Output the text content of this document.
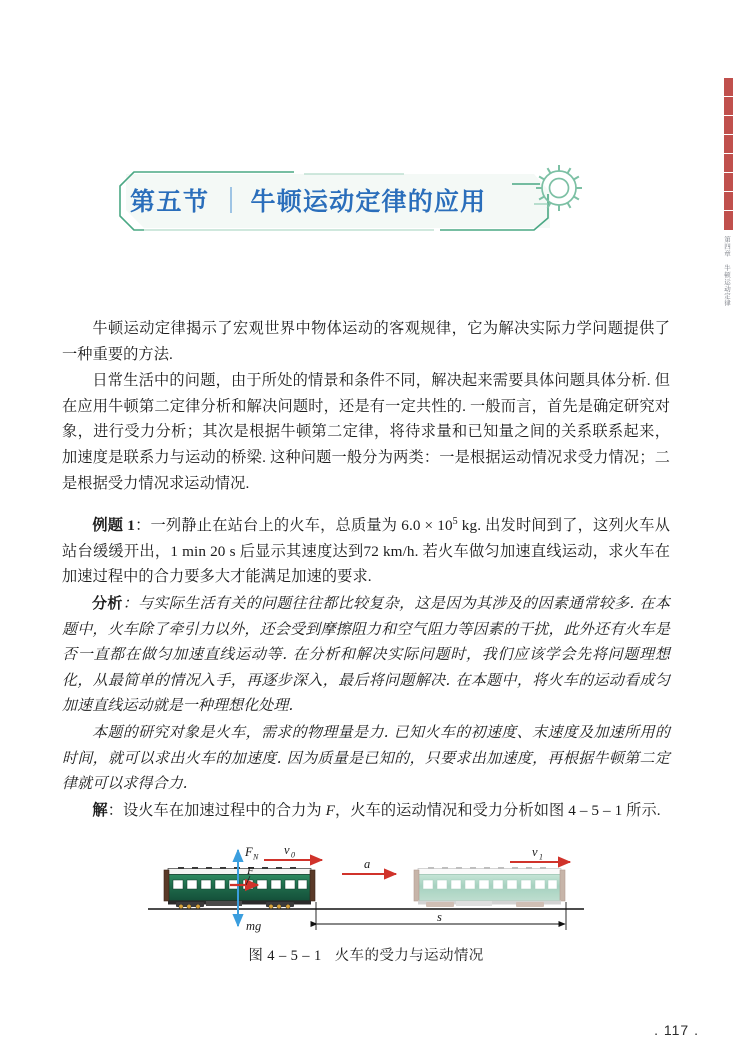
第四章 牛顿运动定律
第五节 牛顿运动定律的应用

牛顿运动定律揭示了宏观世界中物体运动的客观规律，它为解决实际力学问题提供了一种重要的方法.

日常生活中的问题，由于所处的情景和条件不同，解决起来需要具体问题具体分析. 但在应用牛顿第二定律分析和解决问题时，还是有一定共性的. 一般而言，首先是确定研究对象，进行受力分析；其次是根据牛顿第二定律，将待求量和已知量之间的关系联系起来，加速度是联系力与运动的桥梁. 这种问题一般分为两类：一是根据运动情况求受力情况；二是根据受力情况求运动情况.

例题 1：一列静止在站台上的火车，总质量为 $6.0 \times 10^5$ kg. 出发时间到了，这列火车从站台缓缓开出，1 min 20 s 后显示其速度达到72 km/h. 若火车做匀加速直线运动，求火车在加速过程中的合力要多大才能满足加速的要求.

分析：与实际生活有关的问题往往都比较复杂，这是因为其涉及的因素通常较多. 在本题中，火车除了牵引力以外，还会受到摩擦阻力和空气阻力等因素的干扰，此外还有火车是否一直都在做匀加速直线运动等. 在分析和解决实际问题时，我们应该学会先将问题理想化，从最简单的情况入手，再逐步深入，最后将问题解决. 在本题中，将火车的运动看成匀加速直线运动就是一种理想化处理.

本题的研究对象是火车，需求的物理量是力. 已知火车的初速度、末速度及加速所用的时间，就可以求出火车的加速度. 因为质量是已知的，只要求出加速度，再根据牛顿第二定律就可以求得合力.

解：设火车在加速过程中的合力为 F，火车的运动情况和受力分析如图 4 – 5 – 1 所示.

F N
mg
F
v 0
a
v 1
s
图 4 – 5 – 1 火车的受力与运动情况
. 117 .
